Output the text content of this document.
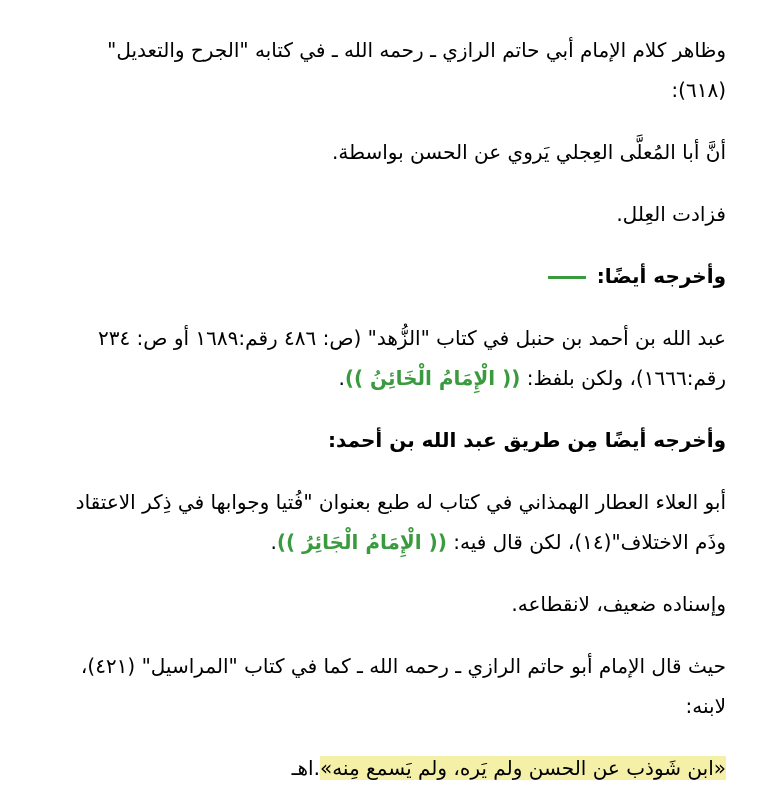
وظاهر كلام الإمام أبي حاتم الرازي ـ رحمه الله ـ في كتابه "الجرح والتعديل" (٦١٨):

أنَّ أبا المُعلَّى العِجلي يَروي عن الحسن بواسطة.

فزادت العِلل.

وأخرجه أيضًا:

عبد الله بن أحمد بن حنبل في كتاب "الزُّهد" (ص: ٤٨٦ رقم:١٦٨٩ أو ص: ٢٣٤ رقم:١٦٦٦)، ولكن بلفظ: (( الْإِمَامُ الْخَائِنُ )).

وأخرجه أيضًا مِن طريق عبد الله بن أحمد:

أبو العلاء العطار الهمذاني في كتاب له طبع بعنوان "فُتيا وجوابها في ذِكر الاعتقاد وذَم الاختلاف"(١٤)، لكن قال فيه: (( الْإِمَامُ الْجَائِرُ )).

وإسناده ضعيف، لانقطاعه.

حيث قال الإمام أبو حاتم الرازي ـ رحمه الله ـ كما في كتاب "المراسيل" (٤٢١)، لابنه:

«ابن شَوذب عن الحسن ولم يَره، ولم يَسمع مِنه».اهـ
